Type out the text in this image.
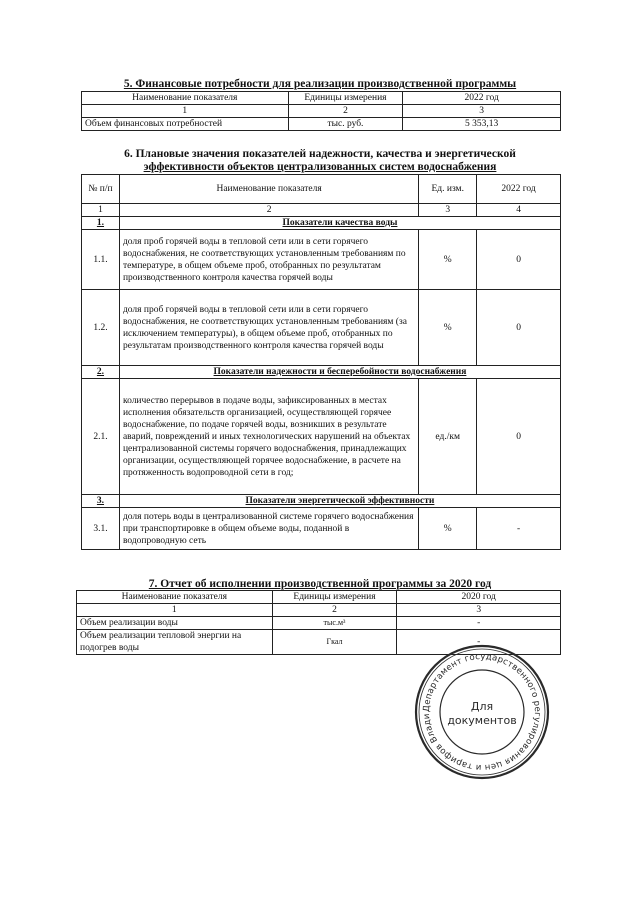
5. Финансовые потребности для реализации производственной программы
Наименование показателя	Единицы измерения	2022 год
1	2	3
Объем финансовых потребностей	тыс. руб.	5 353,13
6. Плановые значения показателей надежности, качества и энергетической
эффективности объектов централизованных систем водоснабжения
№ п/п	Наименование показателя	Ед. изм.	2022 год
1	2	3	4
1.	Показатели качества воды		
1.1.	доля проб горячей воды в тепловой сети или в сети горячего водоснабжения, не соответствующих установленным требованиям по температуре, в общем объеме проб, отобранных по результатам производственного контроля качества горячей воды	%	0
1.2.	доля проб горячей воды в тепловой сети или в сети горячего водоснабжения, не соответствующих установленным требованиям (за исключением температуры), в общем объеме проб, отобранных по результатам производственного контроля качества горячей воды	%	0
2.	Показатели надежности и бесперебойности водоснабжения		
2.1.	количество перерывов в подаче воды, зафиксированных в местах исполнения обязательств организацией, осуществляющей горячее водоснабжение, по подаче горячей воды, возникших в результате аварий, повреждений и иных технологических нарушений на объектах централизованной системы горячего водоснабжения, принадлежащих организации, осуществляющей горячее водоснабжение, в расчете на протяженность водопроводной сети в год;	ед./км	0
3.	Показатели энергетической эффективности		
3.1.	доля потерь воды в централизованной системе горячего водоснабжения при транспортировке в общем объеме воды, поданной в водопроводную сеть	%	-
7. Отчет об исполнении производственной программы за 2020 год
Наименование показателя	Единицы измерения	2020 год
1	2	3
Объем реализации воды	тыс.м³	-
Объем реализации тепловой энергии на подогрев воды	Гкал	-
Департамент государственного регулирования цен и тарифов Влади
Для
документов
